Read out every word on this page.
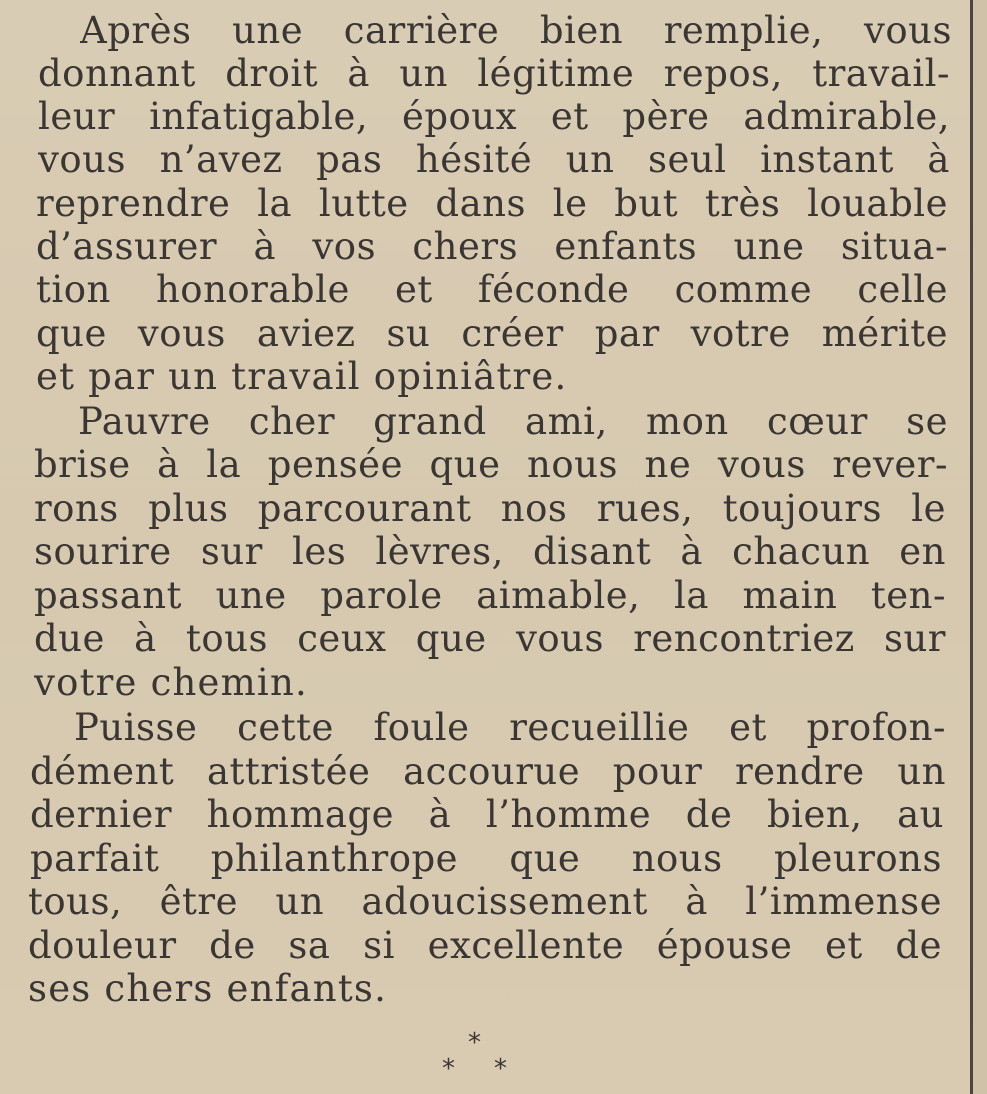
Après une carrière bien remplie, vous
donnant droit à un légitime repos, travail-
leur infatigable, époux et père admirable,
vous n’avez pas hésité un seul instant à
reprendre la lutte dans le but très louable
d’assurer à vos chers enfants une situa-
tion honorable et féconde comme celle
que vous aviez su créer par votre mérite
et par un travail opiniâtre.
Pauvre cher grand ami, mon cœur se
brise à la pensée que nous ne vous rever-
rons plus parcourant nos rues, toujours le
sourire sur les lèvres, disant à chacun en
passant une parole aimable, la main ten-
due à tous ceux que vous rencontriez sur
votre chemin.
Puisse cette foule recueillie et profon-
dément attristée accourue pour rendre un
dernier hommage à l’homme de bien, au
parfait philanthrope que nous pleurons
tous, être un adoucissement à l’immense
douleur de sa si excellente épouse et de
ses chers enfants.
*
* *
